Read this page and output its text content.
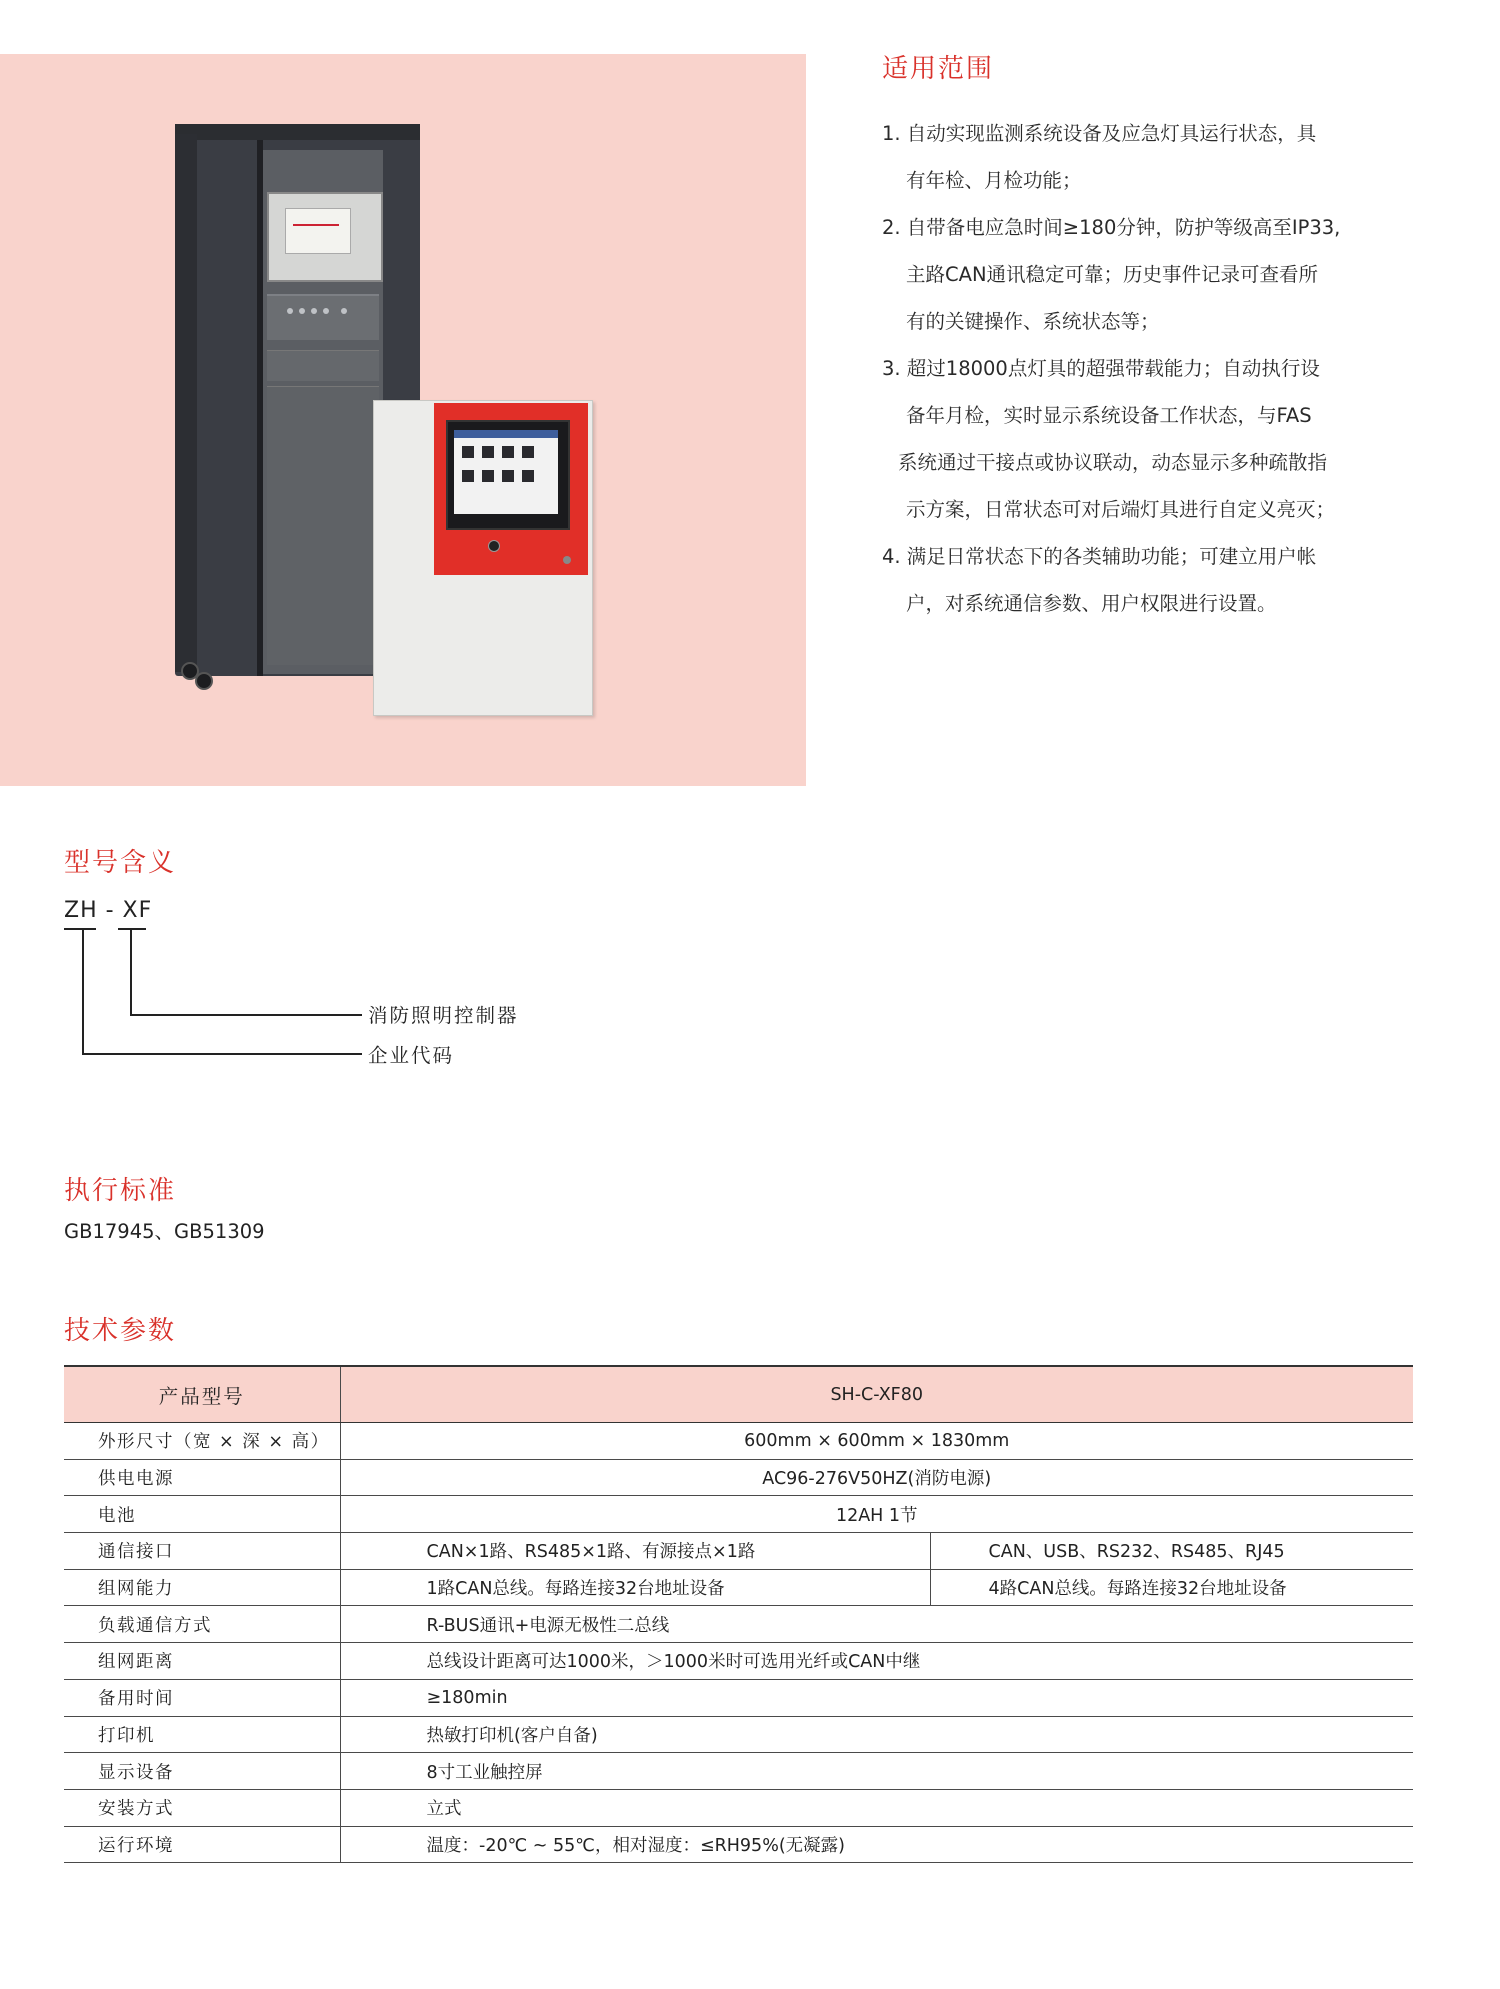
适用范围
1. 自动实现监测系统设备及应急灯具运行状态，具
有年检、月检功能；
2. 自带备电应急时间≥180分钟，防护等级高至IP33,
主路CAN通讯稳定可靠；历史事件记录可查看所
有的关键操作、系统状态等；
3. 超过18000点灯具的超强带载能力；自动执行设
备年月检，实时显示系统设备工作状态，与FAS
系统通过干接点或协议联动，动态显示多种疏散指
示方案，日常状态可对后端灯具进行自定义亮灭；
4. 满足日常状态下的各类辅助功能；可建立用户帐
户，对系统通信参数、用户权限进行设置。
型号含义
ZH - XF
消防照明控制器
企业代码
执行标准
GB17945、GB51309
技术参数
产品型号	SH-C-XF80	
外形尺寸（宽 × 深 × 高）	600mm × 600mm × 1830mm	
供电电源	AC96-276V50HZ(消防电源)	
电池	12AH 1节	
通信接口	CAN×1路、RS485×1路、有源接点×1路	CAN、USB、RS232、RS485、RJ45
组网能力	1路CAN总线。每路连接32台地址设备	4路CAN总线。每路连接32台地址设备
负载通信方式	R-BUS通讯+电源无极性二总线	
组网距离	总线设计距离可达1000米，＞1000米时可选用光纤或CAN中继	
备用时间	≥180min	
打印机	热敏打印机(客户自备)	
显示设备	8寸工业触控屏	
安装方式	立式	
运行环境	温度：-20℃ ~ 55℃，相对湿度：≤RH95%(无凝露)	
